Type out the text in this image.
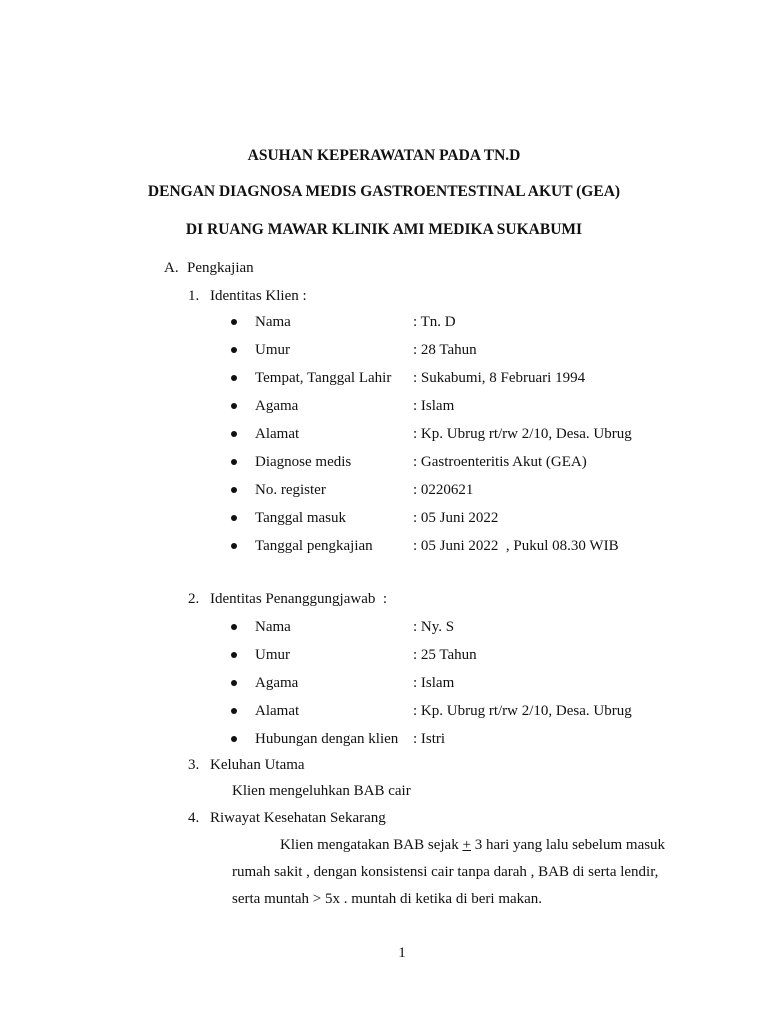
ASUHAN KEPERAWATAN PADA TN.D
DENGAN DIAGNOSA MEDIS GASTROENTESTINAL AKUT (GEA)
DI RUANG MAWAR KLINIK AMI MEDIKA SUKABUMI
A. Pengkajian
1. Identitas Klien :
Nama	: Tn. D
Umur	: 28 Tahun
Tempat, Tanggal Lahir : Sukabumi, 8 Februari 1994
Agama	: Islam
Alamat	: Kp. Ubrug rt/rw 2/10, Desa. Ubrug
Diagnose medis	: Gastroenteritis Akut (GEA)
No. register	: 0220621
Tanggal masuk	: 05 Juni 2022
Tanggal pengkajian	: 05 Juni 2022  , Pukul 08.30 WIB
2. Identitas Penanggungjawab  :
Nama	: Ny. S
Umur	: 25 Tahun
Agama	: Islam
Alamat	: Kp. Ubrug rt/rw 2/10, Desa. Ubrug
Hubungan dengan klien : Istri
3. Keluhan Utama
Klien mengeluhkan BAB cair
4. Riwayat Kesehatan Sekarang
Klien mengatakan BAB sejak + 3 hari yang lalu sebelum masuk
rumah sakit , dengan konsistensi cair tanpa darah , BAB di serta lendir,
serta muntah > 5x . muntah di ketika di beri makan.
1
